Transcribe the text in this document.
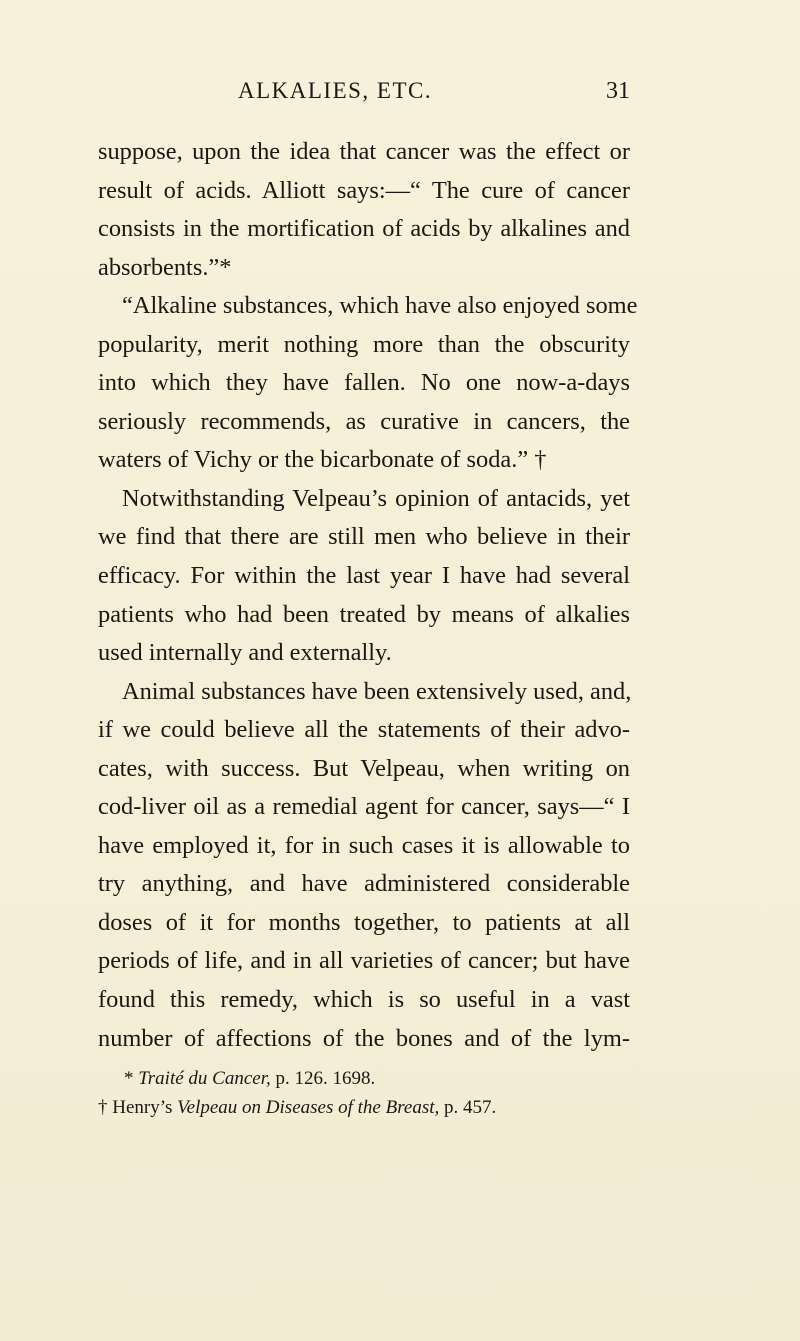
ALKALIES, ETC.	31
suppose, upon the idea that cancer was the effect or
result of acids. Alliott says:—“ The cure of cancer
consists in the mortification of acids by alkalines and
absorbents.”*
“Alkaline substances, which have also enjoyed some
popularity, merit nothing more than the obscurity
into which they have fallen. No one now-a-days
seriously recommends, as curative in cancers, the
waters of Vichy or the bicarbonate of soda.” †
Notwithstanding Velpeau’s opinion of antacids, yet
we find that there are still men who believe in their
efficacy. For within the last year I have had several
patients who had been treated by means of alkalies
used internally and externally.
Animal substances have been extensively used, and,
if we could believe all the statements of their advo-
cates, with success. But Velpeau, when writing on
cod-liver oil as a remedial agent for cancer, says—“ I
have employed it, for in such cases it is allowable to
try anything, and have administered considerable
doses of it for months together, to patients at all
periods of life, and in all varieties of cancer; but have
found this remedy, which is so useful in a vast
number of affections of the bones and of the lym-
* Traité du Cancer, p. 126. 1698.
† Henry’s Velpeau on Diseases of the Breast, p. 457.
